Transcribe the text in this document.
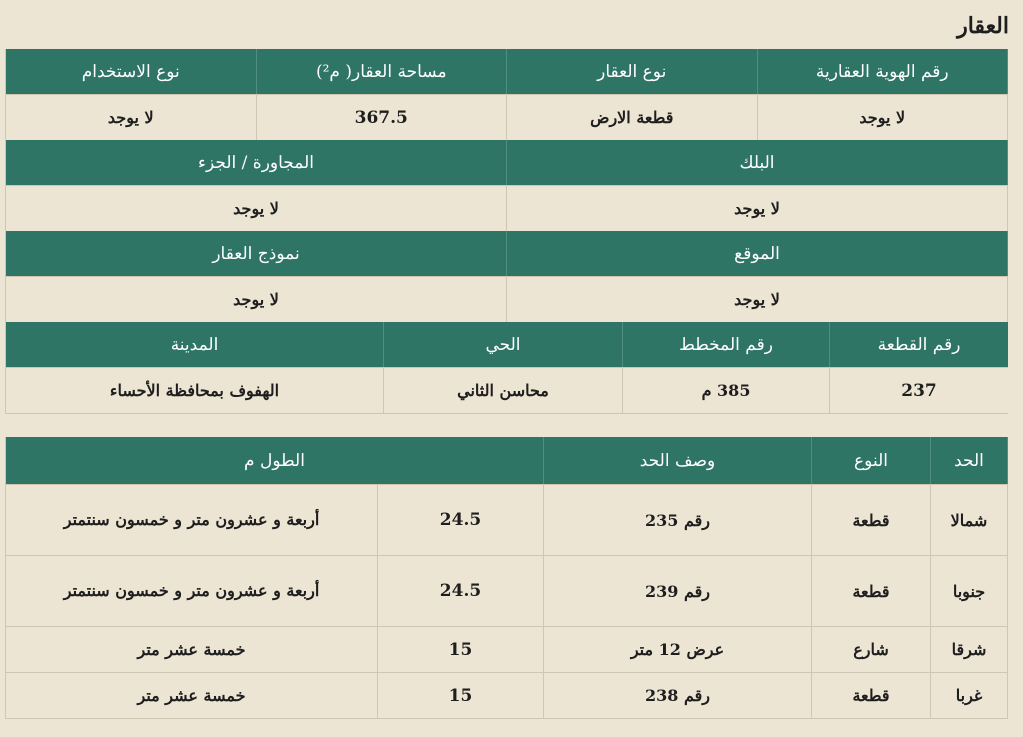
العقار
رقم الهوية العقارية
نوع العقار
مساحة العقار( م²)
نوع الاستخدام
لا يوجد
قطعة الارض
367.5
لا يوجد
البلك
المجاورة / الجزء
لا يوجد
لا يوجد
الموقع
نموذج العقار
لا يوجد
لا يوجد
رقم القطعة
رقم المخطط
الحي
المدينة
237
385 م
محاسن الثاني
الهفوف بمحافظة الأحساء
الحد
النوع
وصف الحد
الطول م
شمالا
قطعة
رقم 235
24.5
أربعة و عشرون متر و خمسون سنتمتر
جنوبا
قطعة
رقم 239
24.5
أربعة و عشرون متر و خمسون سنتمتر
شرقا
شارع
عرض 12 متر
15
خمسة عشر متر
غربا
قطعة
رقم 238
15
خمسة عشر متر
